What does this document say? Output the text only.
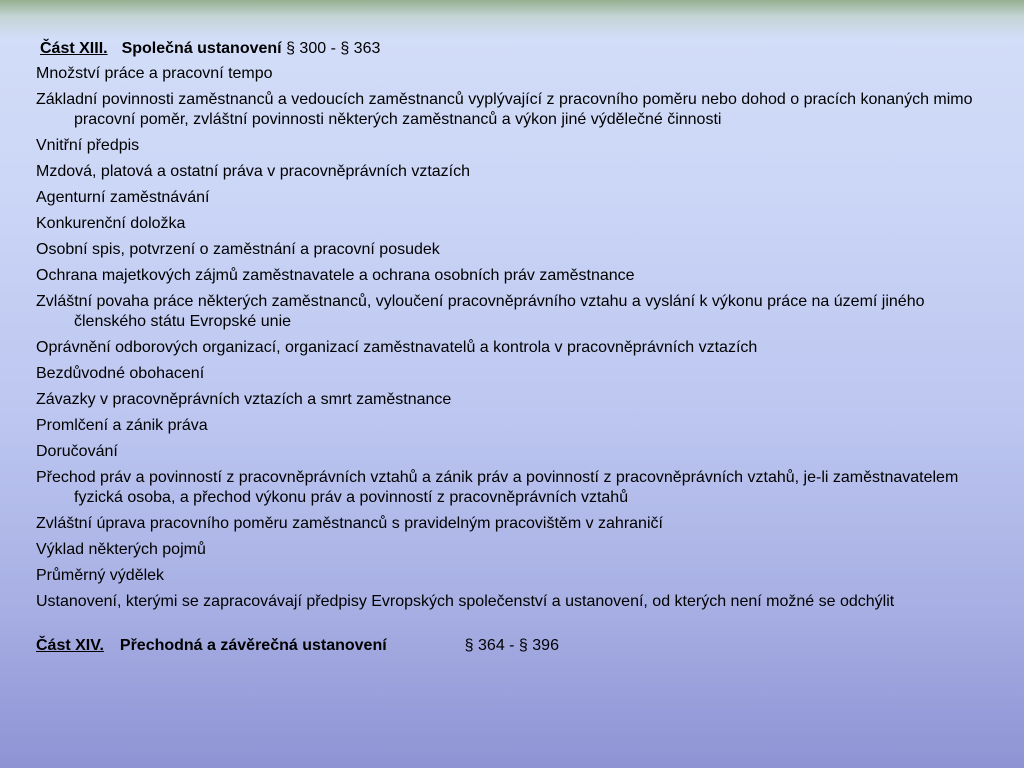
Část XIII. Společná ustanovení § 300 - § 363
Množství práce a pracovní tempo
Základní povinnosti zaměstnanců a vedoucích zaměstnanců vyplývající z pracovního poměru nebo dohod o pracích konaných mimo pracovní poměr, zvláštní povinnosti některých zaměstnanců a výkon jiné výdělečné činnosti
Vnitřní předpis
Mzdová, platová a ostatní práva v pracovněprávních vztazích
Agenturní zaměstnávání
Konkurenční doložka
Osobní spis, potvrzení o zaměstnání a pracovní posudek
Ochrana majetkových zájmů zaměstnavatele a ochrana osobních práv zaměstnance
Zvláštní povaha práce některých zaměstnanců, vyloučení pracovněprávního vztahu a vyslání k výkonu práce na území jiného členského státu Evropské unie
Oprávnění odborových organizací, organizací zaměstnavatelů a kontrola v pracovněprávních vztazích
Bezdůvodné obohacení
Závazky v pracovněprávních vztazích a smrt zaměstnance
Promlčení a zánik práva
Doručování
Přechod práv a povinností z pracovněprávních vztahů a zánik práv a povinností z pracovněprávních vztahů, je-li zaměstnavatelem fyzická osoba, a přechod výkonu práv a povinností z pracovněprávních vztahů
Zvláštní úprava pracovního poměru zaměstnanců s pravidelným pracovištěm v zahraničí
Výklad některých pojmů
Průměrný výdělek
Ustanovení, kterými se zapracovávají předpisy Evropských společenství a ustanovení, od kterých není možné se odchýlit
Část XIV. Přechodná a závěrečná ustanovení	§ 364 - § 396
